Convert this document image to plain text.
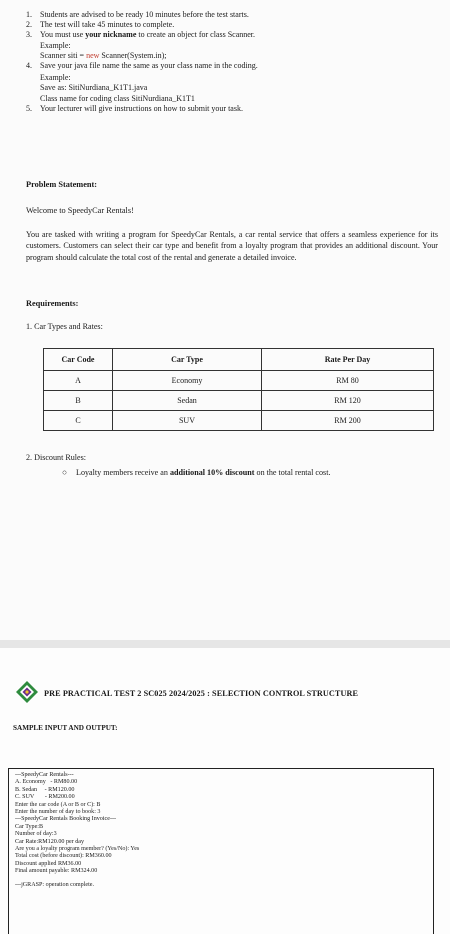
1.	Students are advised to be ready 10 minutes before the test starts.
2.	The test will take 45 minutes to complete.
3.	You must use your nickname to create an object for class Scanner.
Example:
Scanner siti = new Scanner(System.in);
4.	Save your java file name the same as your class name in the coding.
Example:
Save as: SitiNurdiana_K1T1.java
Class name for coding class SitiNurdiana_K1T1
5.	Your lecturer will give instructions on how to submit your task.
Problem Statement:
Welcome to SpeedyCar Rentals!
You are tasked with writing a program for SpeedyCar Rentals, a car rental service that offers a seamless experience for its customers. Customers can select their car type and benefit from a loyalty program that provides an additional discount. Your program should calculate the total cost of the rental and generate a detailed invoice.
Requirements:
1. Car Types and Rates:
Car Code	Car Type	Rate Per Day
A	Economy	RM 80
B	Sedan	RM 120
C	SUV	RM 200
2. Discount Rules:
○	Loyalty members receive an additional 10% discount on the total rental cost.
PRE PRACTICAL TEST 2 SC025 2024/2025 : SELECTION CONTROL STRUCTURE
SAMPLE INPUT AND OUTPUT:
---SpeedyCar Rentals---
A. Economy   - RM80.00
B. Sedan     - RM120.00
C. SUV       - RM200.00
Enter the car code (A or B or C): B
Enter the number of day to book: 3
---SpeedyCar Rentals Booking Invoice---
Car Type:B
Number of day:3
Car Rate:RM120.00 per day
Are you a loyalty program member? (Yes/No): Yes
Total cost (before discount): RM360.00
Discount applied RM36.00
Final amount payable: RM324.00
---jGRASP: operation complete.
